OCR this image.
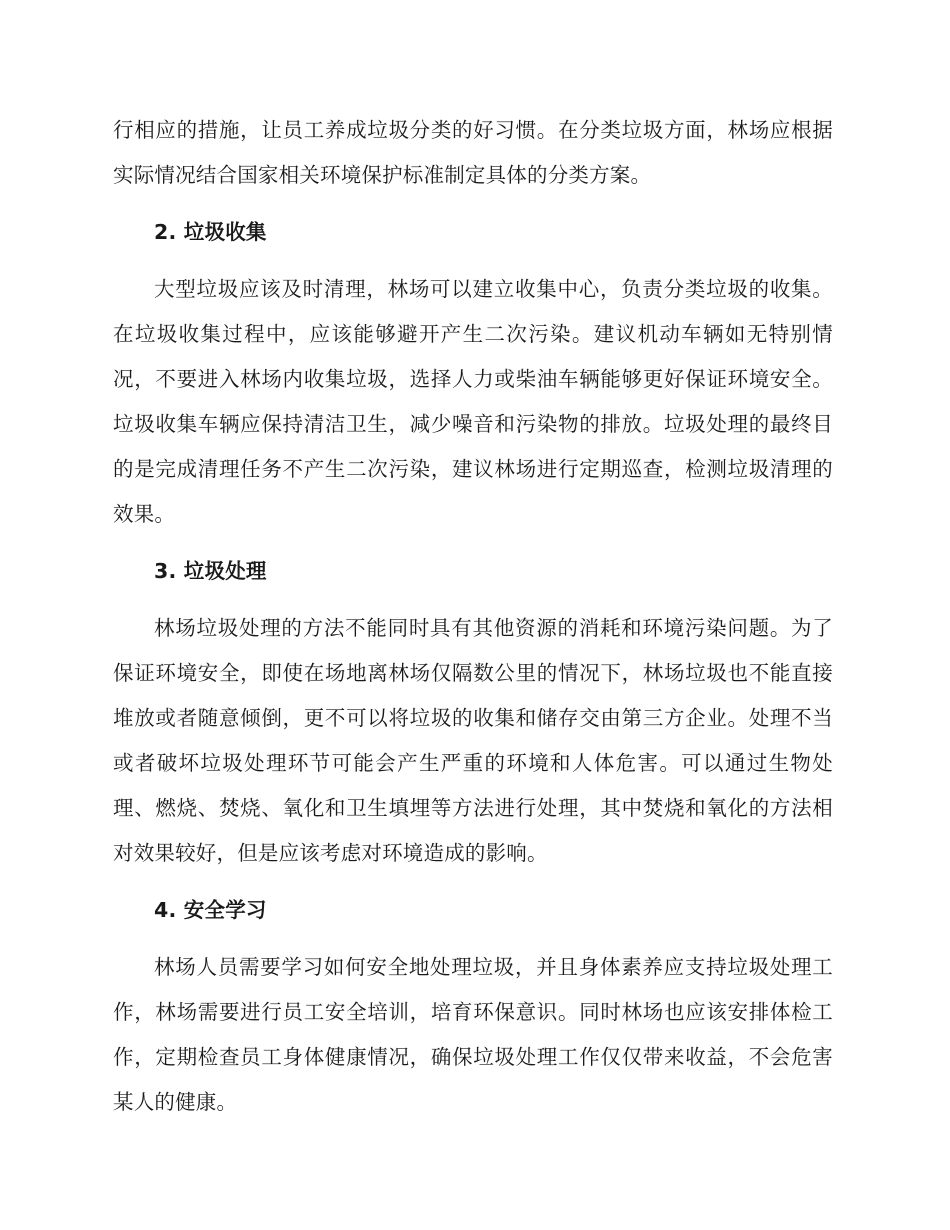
行相应的措施，让员工养成垃圾分类的好习惯。在分类垃圾方面，林场应根据实际情况结合国家相关环境保护标准制定具体的分类方案。

2. 垃圾收集

大型垃圾应该及时清理，林场可以建立收集中心，负责分类垃圾的收集。在垃圾收集过程中，应该能够避开产生二次污染。建议机动车辆如无特别情况，不要进入林场内收集垃圾，选择人力或柴油车辆能够更好保证环境安全。垃圾收集车辆应保持清洁卫生，减少噪音和污染物的排放。垃圾处理的最终目的是完成清理任务不产生二次污染，建议林场进行定期巡查，检测垃圾清理的效果。

3. 垃圾处理

林场垃圾处理的方法不能同时具有其他资源的消耗和环境污染问题。为了保证环境安全，即使在场地离林场仅隔数公里的情况下，林场垃圾也不能直接堆放或者随意倾倒，更不可以将垃圾的收集和储存交由第三方企业。处理不当或者破坏垃圾处理环节可能会产生严重的环境和人体危害。可以通过生物处理、燃烧、焚烧、氧化和卫生填埋等方法进行处理，其中焚烧和氧化的方法相对效果较好，但是应该考虑对环境造成的影响。

4. 安全学习

林场人员需要学习如何安全地处理垃圾，并且身体素养应支持垃圾处理工作，林场需要进行员工安全培训，培育环保意识。同时林场也应该安排体检工作，定期检查员工身体健康情况，确保垃圾处理工作仅仅带来收益，不会危害某人的健康。
